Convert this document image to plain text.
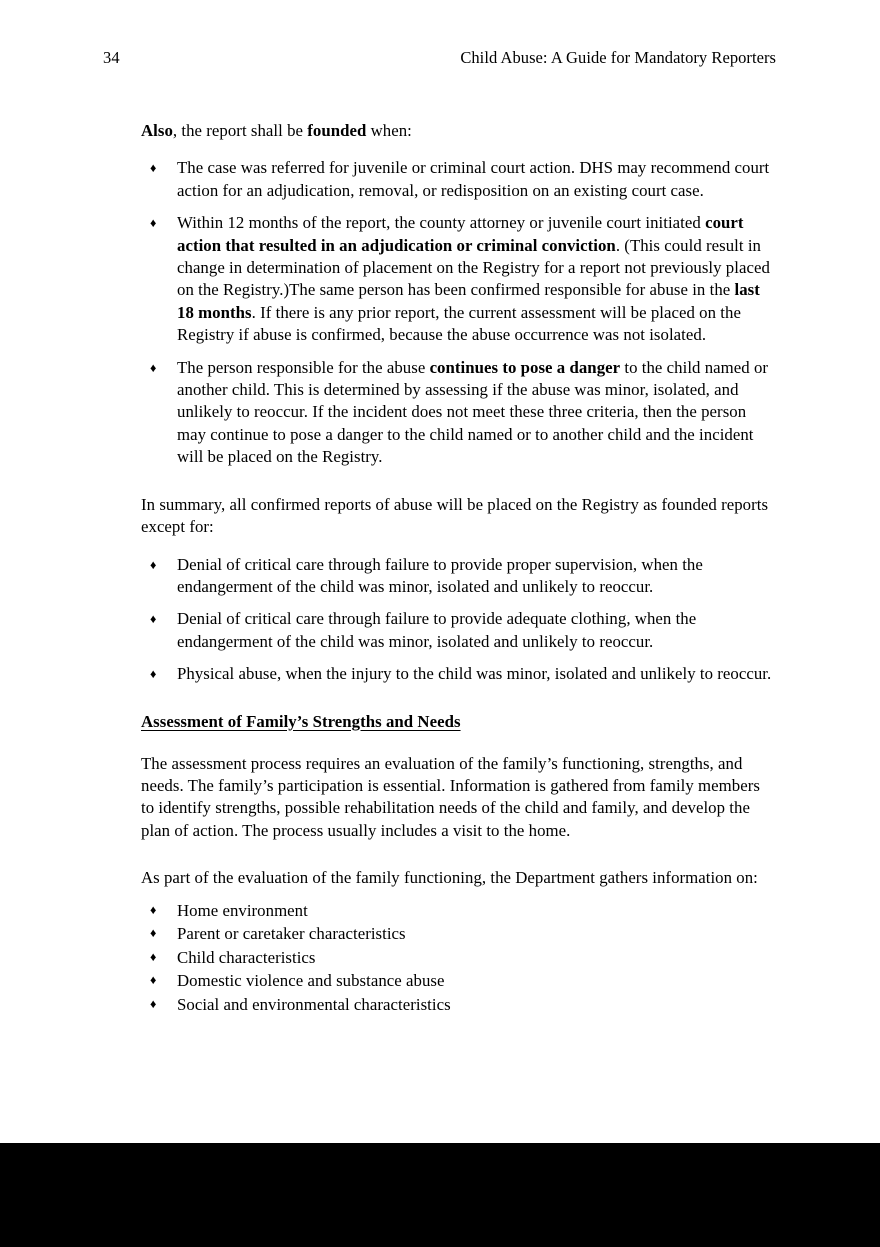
34	Child Abuse: A Guide for Mandatory Reporters

Also, the report shall be founded when:

♦ The case was referred for juvenile or criminal court action. DHS may recommend court action for an adjudication, removal, or redisposition on an existing court case.
♦ Within 12 months of the report, the county attorney or juvenile court initiated court action that resulted in an adjudication or criminal conviction. (This could result in change in determination of placement on the Registry for a report not previously placed on the Registry.)The same person has been confirmed responsible for abuse in the last 18 months. If there is any prior report, the current assessment will be placed on the Registry if abuse is confirmed, because the abuse occurrence was not isolated.
♦ The person responsible for the abuse continues to pose a danger to the child named or another child. This is determined by assessing if the abuse was minor, isolated, and unlikely to reoccur. If the incident does not meet these three criteria, then the person may continue to pose a danger to the child named or to another child and the incident will be placed on the Registry.

In summary, all confirmed reports of abuse will be placed on the Registry as founded reports except for:

♦ Denial of critical care through failure to provide proper supervision, when the endangerment of the child was minor, isolated and unlikely to reoccur.
♦ Denial of critical care through failure to provide adequate clothing, when the endangerment of the child was minor, isolated and unlikely to reoccur.
♦ Physical abuse, when the injury to the child was minor, isolated and unlikely to reoccur.
Assessment of Family’s Strengths and Needs

The assessment process requires an evaluation of the family’s functioning, strengths, and needs. The family’s participation is essential. Information is gathered from family members to identify strengths, possible rehabilitation needs of the child and family, and develop the plan of action. The process usually includes a visit to the home.

As part of the evaluation of the family functioning, the Department gathers information on:

♦ Home environment
♦ Parent or caretaker characteristics
♦ Child characteristics
♦ Domestic violence and substance abuse
♦ Social and environmental characteristics
